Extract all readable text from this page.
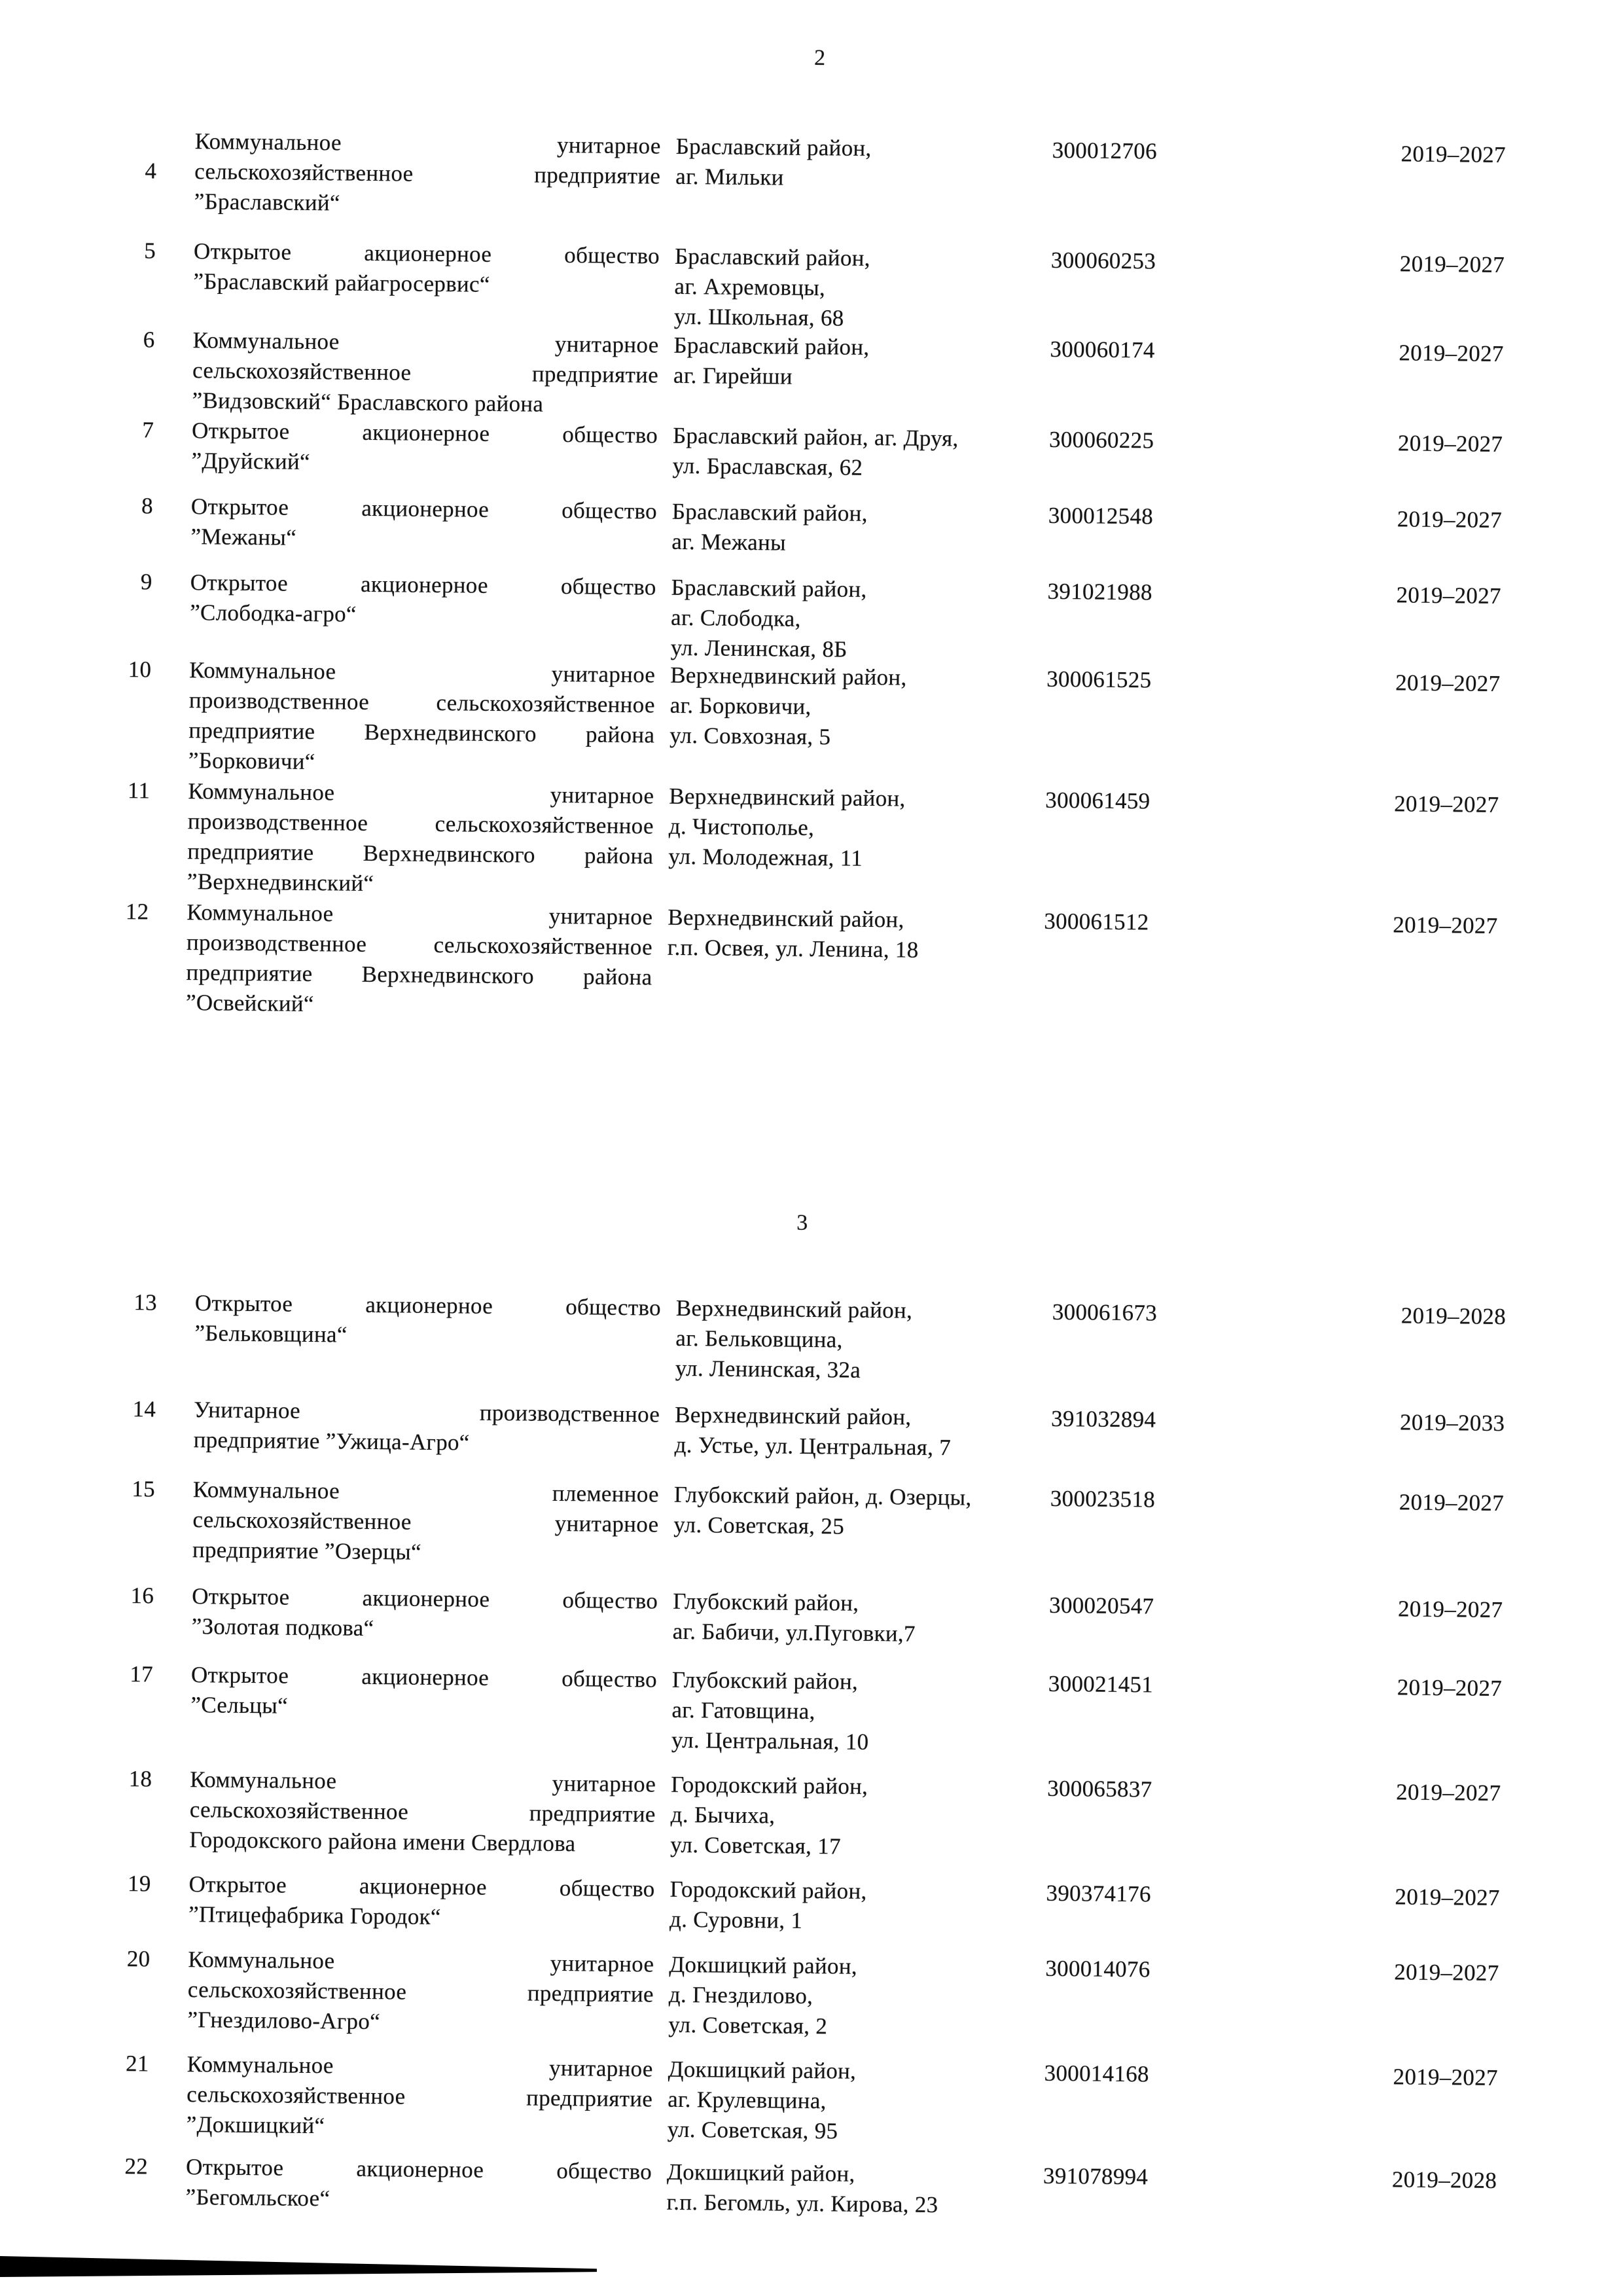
2
4
Коммунальное	унитарное
сельскохозяйственное	предприятие
”Браславский“
Браславский район,
аг. Мильки
300012706	2019–2027
5 Открытое	акционерное	общество
”Браславский райагросервис“
Браславский район,
аг. Ахремовцы,
ул. Школьная, 68
300060253	2019–2027
6 Коммунальное	унитарное
сельскохозяйственное	предприятие
”Видзовский“ Браславского района
Браславский район,
аг. Гирейши
300060174	2019–2027
7 Открытое	акционерное	общество
”Друйский“
Браславский район, аг. Друя,
ул. Браславская, 62
300060225	2019–2027
8 Открытое	акционерное	общество
”Межаны“
Браславский район,
аг. Межаны
300012548	2019–2027
9 Открытое	акционерное	общество
”Слободка-агро“
Браславский район,
аг. Слободка,
ул. Ленинская, 8Б
391021988	2019–2027
10 Коммунальное	унитарное
производственное	сельскохозяйственное
предприятие Верхнедвинского района
”Борковичи“
Верхнедвинский район,
аг. Борковичи,
ул. Совхозная, 5
300061525	2019–2027
11 Коммунальное	унитарное
производственное	сельскохозяйственное
предприятие Верхнедвинского района
”Верхнедвинский“
Верхнедвинский район,
д. Чистополье,
ул. Молодежная, 11
300061459	2019–2027
12 Коммунальное	унитарное
производственное	сельскохозяйственное
предприятие Верхнедвинского района
”Освейский“
Верхнедвинский район,
г.п. Освея, ул. Ленина, 18
300061512	2019–2027
3
13 Открытое	акционерное	общество
”Бельковщина“
Верхнедвинский район,
аг. Бельковщина,
ул. Ленинская, 32а
300061673	2019–2028
14 Унитарное	производственное
предприятие ”Ужица-Агро“
Верхнедвинский район,
д. Устье, ул. Центральная, 7
391032894	2019–2033
15 Коммунальное	племенное
сельскохозяйственное	унитарное
предприятие ”Озерцы“
Глубокский район, д. Озерцы,
ул. Советская, 25
300023518	2019–2027
16 Открытое	акционерное	общество
”Золотая подкова“
Глубокский район,
аг. Бабичи, ул.Пуговки,7
300020547	2019–2027
17 Открытое	акционерное	общество
”Сельцы“
Глубокский район,
аг. Гатовщина,
ул. Центральная, 10
300021451	2019–2027
18 Коммунальное	унитарное
сельскохозяйственное	предприятие
Городокского района имени Свердлова
Городокский район,
д. Бычиха,
ул. Советская, 17
300065837	2019–2027
19 Открытое	акционерное	общество
”Птицефабрика Городок“
Городокский район,
д. Суровни, 1
390374176	2019–2027
20 Коммунальное	унитарное
сельскохозяйственное	предприятие
”Гнездилово-Агро“
Докшицкий район,
д. Гнездилово,
ул. Советская, 2
300014076	2019–2027
21 Коммунальное	унитарное
сельскохозяйственное	предприятие
”Докшицкий“
Докшицкий район,
аг. Крулевщина,
ул. Советская, 95
300014168	2019–2027
22 Открытое	акционерное	общество
”Бегомльское“
Докшицкий район,
г.п. Бегомль, ул. Кирова, 23
391078994	2019–2028
